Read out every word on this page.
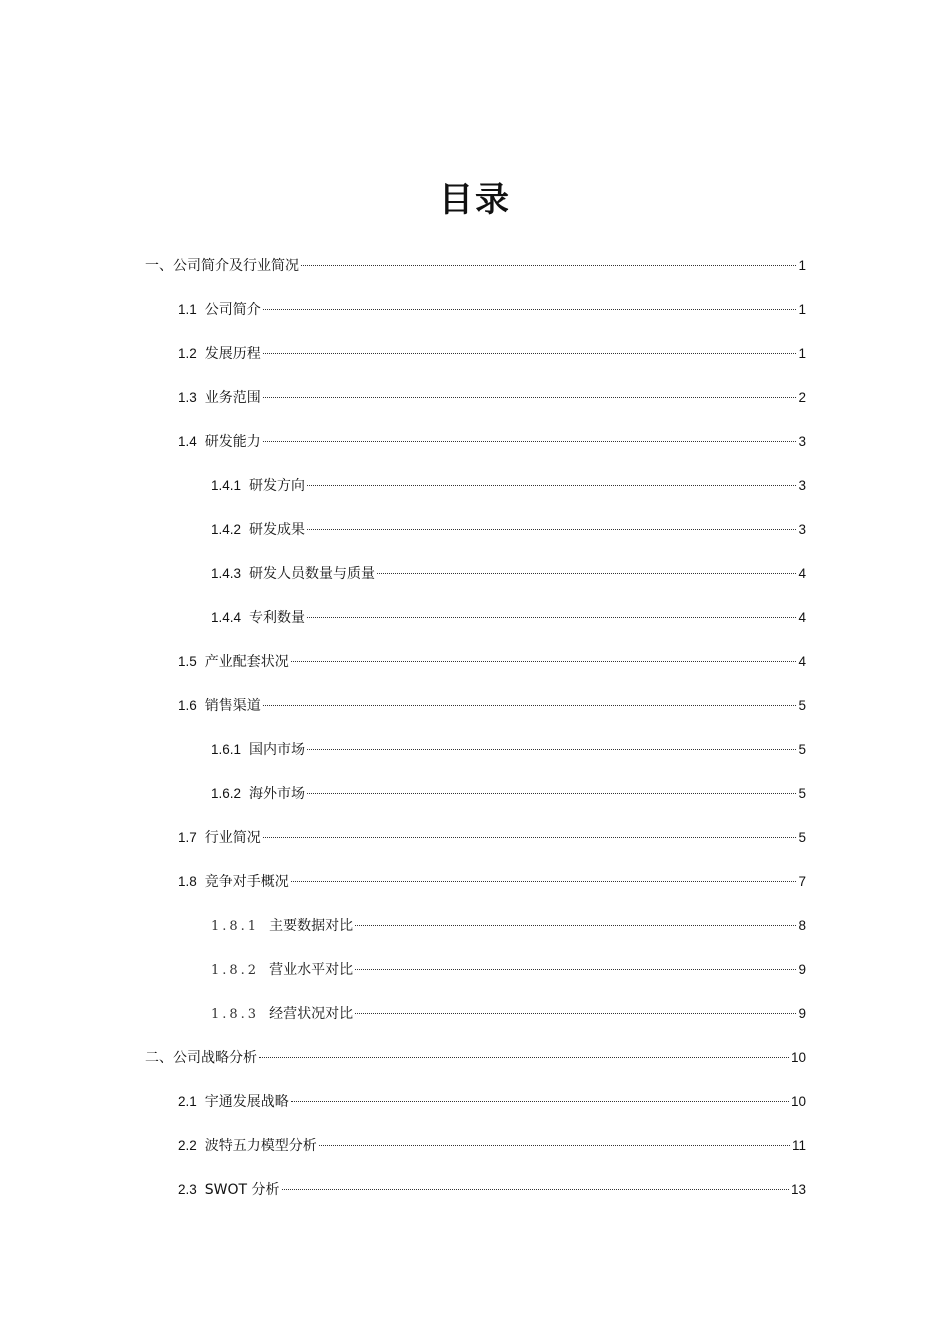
目录
一、公司简介及行业简况	1
1.1 公司简介	1
1.2 发展历程	1
1.3 业务范围	2
1.4 研发能力	3
1.4.1 研发方向	3
1.4.2 研发成果	3
1.4.3 研发人员数量与质量	4
1.4.4 专利数量	4
1.5 产业配套状况	4
1.6 销售渠道	5
1.6.1 国内市场	5
1.6.2 海外市场	5
1.7 行业简况	5
1.8 竞争对手概况	7
1.8.1 主要数据对比	8
1.8.2 营业水平对比	9
1.8.3 经营状况对比	9
二、公司战略分析	10
2.1 宇通发展战略	10
2.2 波特五力模型分析	11
2.3 SWOT 分析	13
